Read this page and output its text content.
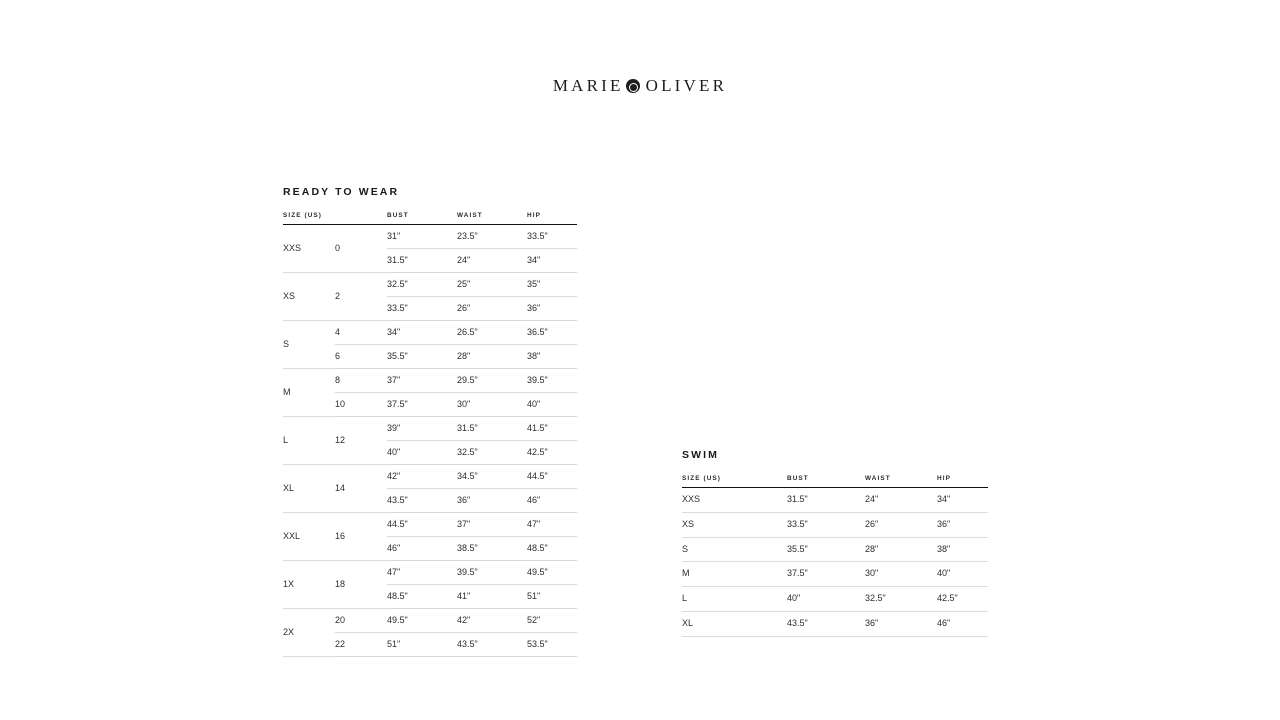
MARIE OLIVER
READY TO WEAR
SIZE (US)		BUST	WAIST	HIP
XXS	0	31"	23.5"	33.5"
		31.5"	24"	34"
XS	2	32.5"	25"	35"
		33.5"	26"	36"
S	4	34"	26.5"	36.5"
	6	35.5"	28"	38"
M	8	37"	29.5"	39.5"
	10	37.5"	30"	40"
L	12	39"	31.5"	41.5"
		40"	32.5"	42.5"
XL	14	42"	34.5"	44.5"
		43.5"	36"	46"
XXL	16	44.5"	37"	47"
		46"	38.5"	48.5"
1X	18	47"	39.5"	49.5"
		48.5"	41"	51"
2X	20	49.5"	42"	52"
	22	51"	43.5"	53.5"
SWIM
SIZE (US)	BUST	WAIST	HIP
XXS	31.5"	24"	34"
XS	33.5"	26"	36"
S	35.5"	28"	38"
M	37.5"	30"	40"
L	40"	32.5"	42.5"
XL	43.5"	36"	46"
